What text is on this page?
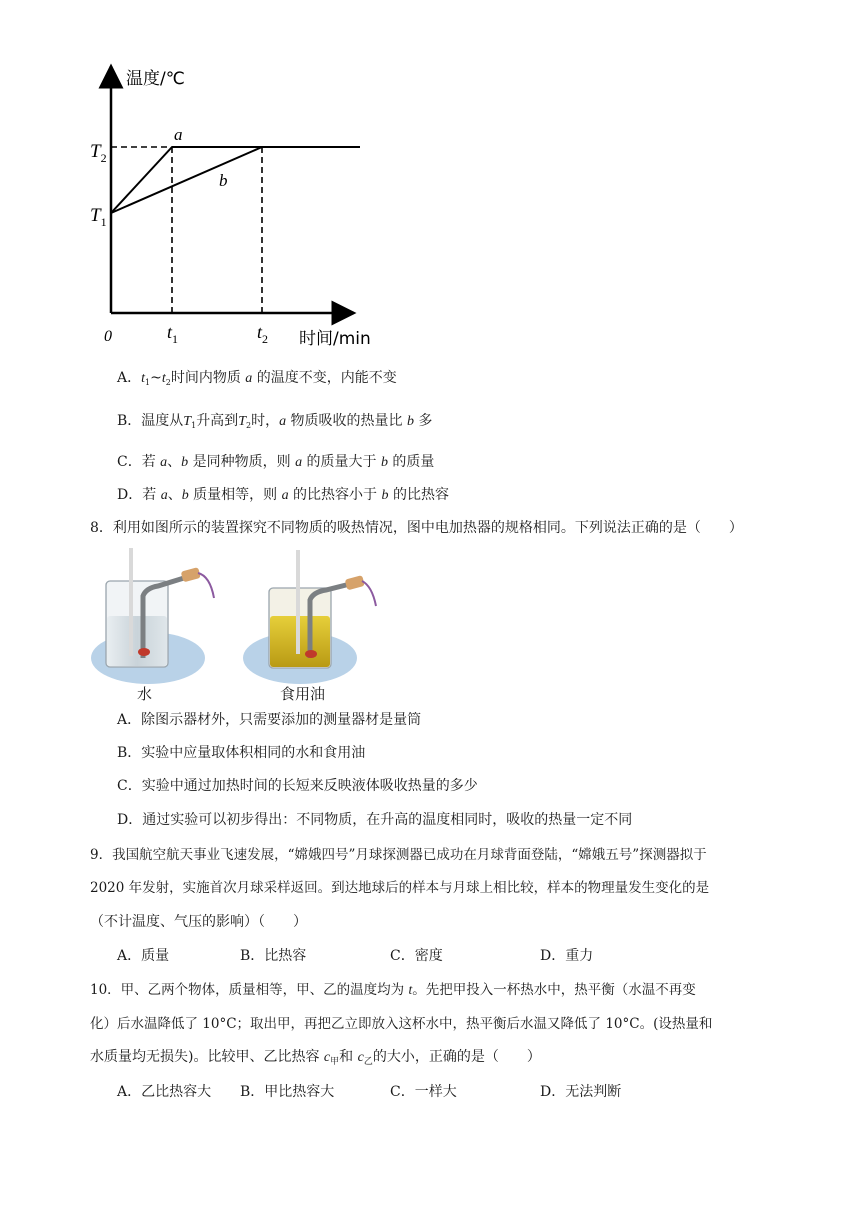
温度/℃
时间/min
0
$T_2$
$T_1$
$t_1$	$t_2$
a
b
A．$t_1\sim t_2$时间内物质 a 的温度不变，内能不变
B．温度从$T_1$升高到$T_2$时，a 物质吸收的热量比 b 多
C．若 a、b 是同种物质，则 a 的质量大于 b 的质量
D．若 a、b 质量相等，则 a 的比热容小于 b 的比热容
8．利用如图所示的装置探究不同物质的吸热情况，图中电加热器的规格相同。下列说法正确的是（　　）
水	食用油
A．除图示器材外，只需要添加的测量器材是量筒
B．实验中应量取体积相同的水和食用油
C．实验中通过加热时间的长短来反映液体吸收热量的多少
D．通过实验可以初步得出：不同物质，在升高的温度相同时，吸收的热量一定不同
9．我国航空航天事业飞速发展，“嫦娥四号”月球探测器已成功在月球背面登陆，“嫦娥五号”探测器拟于
2020 年发射，实施首次月球采样返回。到达地球后的样本与月球上相比较，样本的物理量发生变化的是
（不计温度、气压的影响）（　　）
A．质量	B．比热容	C．密度	D．重力
10．甲、乙两个物体，质量相等，甲、乙的温度均为 t。先把甲投入一杯热水中，热平衡（水温不再变
化）后水温降低了 10°C；取出甲，再把乙立即放入这杯水中，热平衡后水温又降低了 10°C。(设热量和
水质量均无损失)。比较甲、乙比热容 $c_甲$和 $c_乙$的大小，正确的是（　　）
A．乙比热容大 B．甲比热容大	C．一样大	D．无法判断
